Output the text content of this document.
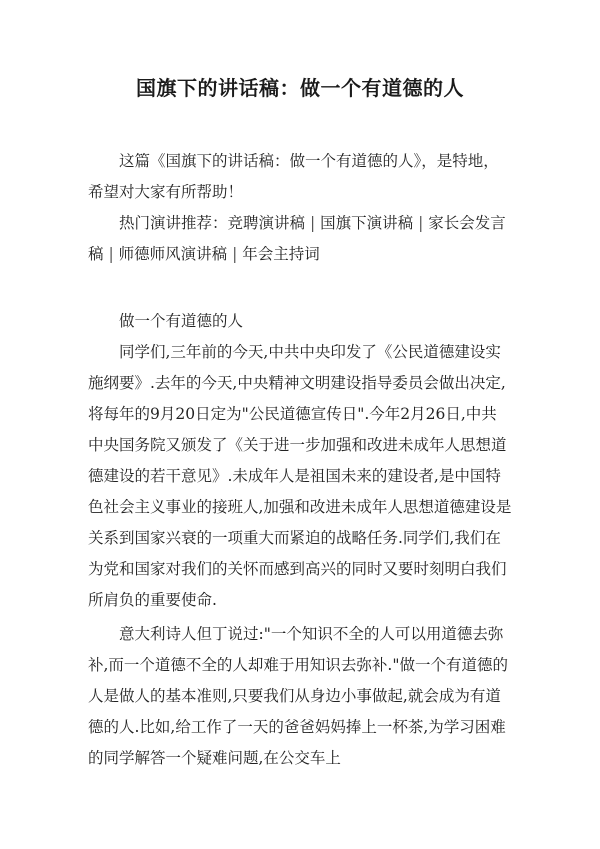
国旗下的讲话稿：做一个有道德的人

这篇《国旗下的讲话稿：做一个有道德的人》，是特地，希望对大家有所帮助！

热门演讲推荐：竞聘演讲稿 | 国旗下演讲稿 | 家长会发言稿 | 师德师风演讲稿 | 年会主持词

做一个有道德的人

同学们,三年前的今天,中共中央印发了《公民道德建设实施纲要》.去年的今天,中央精神文明建设指导委员会做出决定,将每年的9月20日定为"公民道德宣传日".今年2月26日,中共中央国务院又颁发了《关于进一步加强和改进未成年人思想道德建设的若干意见》.未成年人是祖国未来的建设者,是中国特色社会主义事业的接班人,加强和改进未成年人思想道德建设是关系到国家兴衰的一项重大而紧迫的战略任务.同学们,我们在为党和国家对我们的关怀而感到高兴的同时又要时刻明白我们所肩负的重要使命.

意大利诗人但丁说过:"一个知识不全的人可以用道德去弥补,而一个道德不全的人却难于用知识去弥补."做一个有道德的人是做人的基本准则,只要我们从身边小事做起,就会成为有道德的人.比如,给工作了一天的爸爸妈妈捧上一杯茶,为学习困难的同学解答一个疑难问题,在公交车上
